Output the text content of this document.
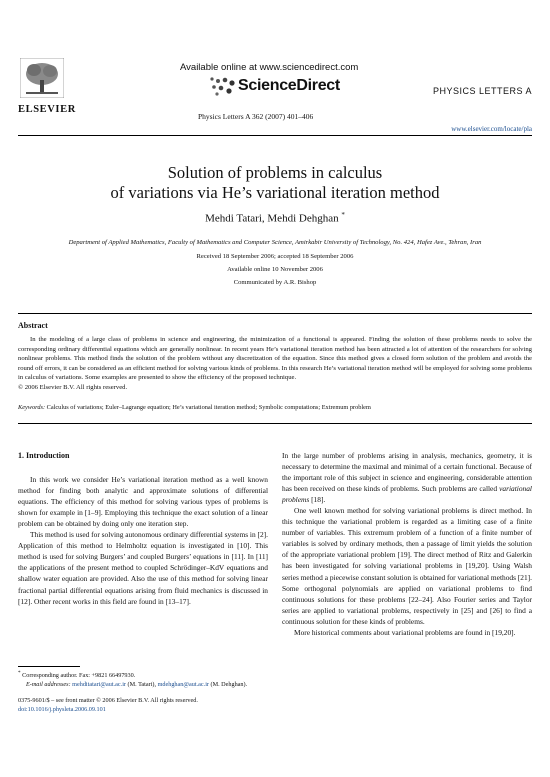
ELSEVIER
Available online at www.sciencedirect.com
ScienceDirect	PHYSICS LETTERS A
Physics Letters A 362 (2007) 401–406
www.elsevier.com/locate/pla
Solution of problems in calculus
of variations via He’s variational iteration method
Mehdi Tatari, Mehdi Dehghan *
Department of Applied Mathematics, Faculty of Mathematics and Computer Science, Amirkabir University of Technology, No. 424, Hafez Ave., Tehran, Iran
Received 18 September 2006; accepted 18 September 2006
Available online 10 November 2006
Communicated by A.R. Bishop
Abstract
In the modeling of a large class of problems in science and engineering, the minimization of a functional is appeared. Finding the solution of these problems needs to solve the corresponding ordinary differential equations which are generally nonlinear. In recent years He’s variational iteration method has been attracted a lot of attention of the researchers for solving nonlinear problems. This method finds the solution of the problem without any discretization of the equation. Since this method gives a closed form solution of the problem and avoids the round off errors, it can be considered as an efficient method for solving various kinds of problems. In this research He’s variational iteration method will be employed for solving some problems in calculus of variations. Some examples are presented to show the efficiency of the proposed technique.
© 2006 Elsevier B.V. All rights reserved.
Keywords: Calculus of variations; Euler–Lagrange equation; He’s variational iteration method; Symbolic computations; Extremum problem
1. Introduction

In this work we consider He’s variational iteration method as a well known method for finding both analytic and approximate solutions of differential equations. The efficiency of this method for solving various types of problems is shown for example in [1–9]. Employing this technique the exact solution of a linear problem can be obtained by doing only one iteration step.

This method is used for solving autonomous ordinary differential systems in [2]. Application of this method to Helmholtz equation is investigated in [10]. This method is used for solving Burgers’ and coupled Burgers’ equations in [11]. In [11] the applications of the present method to coupled Schrödinger–KdV equations and shallow water equation are provided. Also the use of this method for solving linear fractional partial differential equations arising from fluid mechanics is discussed in [12]. Other recent works in this field are found in [13–17].

In the large number of problems arising in analysis, mechanics, geometry, it is necessary to determine the maximal and minimal of a certain functional. Because of the important role of this subject in science and engineering, considerable attention has been received on these kinds of problems. Such problems are called variational problems [18].

One well known method for solving variational problems is direct method. In this technique the variational problem is regarded as a limiting case of a finite number of variables. This extremum problem of a function of a finite number of variables is solved by ordinary methods, then a passage of limit yields the solution of the appropriate variational problem [19]. The direct method of Ritz and Galerkin has been investigated for solving variational problems in [19,20]. Using Walsh series method a piecewise constant solution is obtained for variational methods [21]. Some orthogonal polynomials are applied on variational problems to find continuous solutions for these problems [22–24]. Also Fourier series and Taylor series are applied to variational problems, respectively in [25] and [26] to find a continuous solution for these kinds of problems.

More historical comments about variational problems are found in [19,20].

* Corresponding author. Fax: +9821 66497930.
E-mail addresses: mehditatari@aut.ac.ir (M. Tatari), mdehghan@aut.ac.ir (M. Dehghan).
0375-9601/$ – see front matter © 2006 Elsevier B.V. All rights reserved.
doi:10.1016/j.physleta.2006.09.101
